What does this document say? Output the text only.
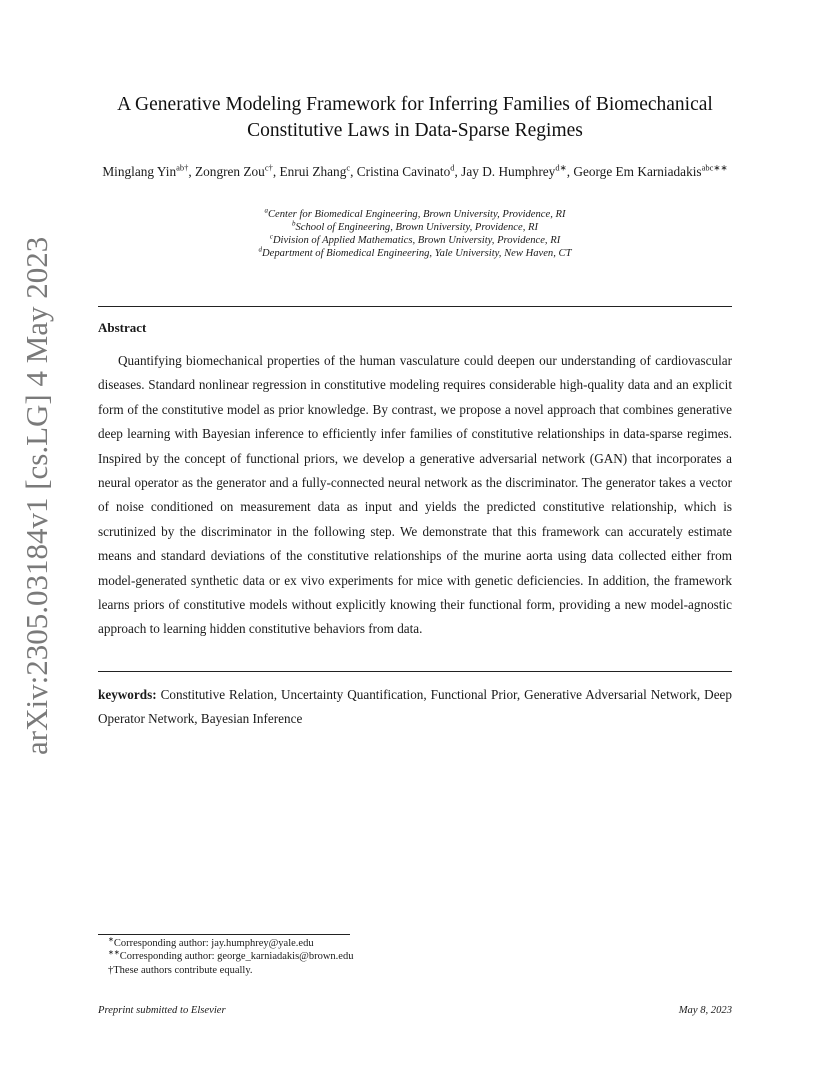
arXiv:2305.03184v1 [cs.LG] 4 May 2023
A Generative Modeling Framework for Inferring Families of Biomechanical Constitutive Laws in Data-Sparse Regimes
Minglang Yin$^{ab\dagger}$, Zongren Zou$^{c\dagger}$, Enrui Zhang$^c$, Cristina Cavinato$^d$, Jay D. Humphrey$^{d∗}$, George Em Karniadakis$^{abc∗∗}$
$^a$Center for Biomedical Engineering, Brown University, Providence, RI
$^b$School of Engineering, Brown University, Providence, RI
$^c$Division of Applied Mathematics, Brown University, Providence, RI
$^d$Department of Biomedical Engineering, Yale University, New Haven, CT
Abstract

Quantifying biomechanical properties of the human vasculature could deepen our understanding of cardiovascular diseases. Standard nonlinear regression in constitutive modeling requires considerable high-quality data and an explicit form of the constitutive model as prior knowledge. By contrast, we propose a novel approach that combines generative deep learning with Bayesian inference to efficiently infer families of constitutive relationships in data-sparse regimes. Inspired by the concept of functional priors, we develop a generative adversarial network (GAN) that incorporates a neural operator as the generator and a fully-connected neural network as the discriminator. The generator takes a vector of noise conditioned on measurement data as input and yields the predicted constitutive relationship, which is scrutinized by the discriminator in the following step. We demonstrate that this framework can accurately estimate means and standard deviations of the constitutive relationships of the murine aorta using data collected either from model-generated synthetic data or ex vivo experiments for mice with genetic deficiencies. In addition, the framework learns priors of constitutive models without explicitly knowing their functional form, providing a new model-agnostic approach to learning hidden constitutive behaviors from data.

keywords: Constitutive Relation, Uncertainty Quantification, Functional Prior, Generative Adversarial Network, Deep Operator Network, Bayesian Inference

∗Corresponding author: jay.humphrey@yale.edu
∗∗Corresponding author: george_karniadakis@brown.edu
†These authors contribute equally.
Preprint submitted to Elsevier	May 8, 2023
